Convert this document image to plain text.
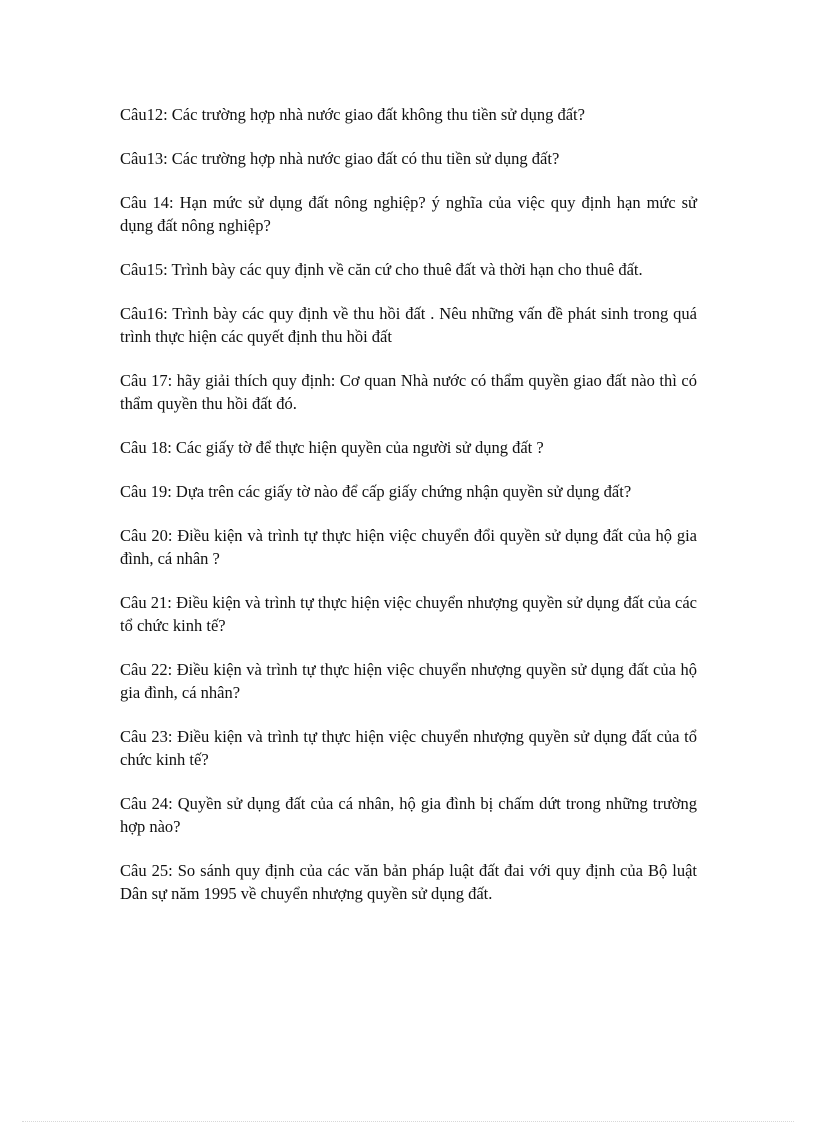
Câu12: Các trường hợp nhà nước giao đất không thu tiền sử dụng đất?

Câu13: Các trường hợp nhà nước giao đất có thu tiền sử dụng đất?

Câu 14: Hạn mức sử dụng đất nông nghiệp? ý nghĩa của việc quy định hạn mức sử dụng đất nông nghiệp?

Câu15: Trình bày các quy định về căn cứ cho thuê đất và thời hạn cho thuê đất.

Câu16: Trình bày các quy định về thu hồi đất . Nêu những vấn đề phát sinh trong quá trình thực hiện các quyết định thu hồi đất

Câu 17: hãy giải thích quy định: Cơ quan Nhà nước có thẩm quyền giao đất nào thì có thẩm quyền thu hồi đất đó.

Câu 18: Các giấy tờ để thực hiện quyền của người sử dụng đất ?

Câu 19: Dựa trên các giấy tờ nào để cấp giấy chứng nhận quyền sử dụng đất?

Câu 20: Điều kiện và trình tự thực hiện việc chuyển đổi quyền sử dụng đất của hộ gia đình, cá nhân ?

Câu 21: Điều kiện và trình tự thực hiện việc chuyển nhượng quyền sử dụng đất của các tổ chức kinh tế?

Câu 22: Điều kiện và trình tự thực hiện việc chuyển nhượng quyền sử dụng đất của hộ gia đình, cá nhân?

Câu 23: Điều kiện và trình tự thực hiện việc chuyển nhượng quyền sử dụng đất của tổ chức kinh tế?

Câu 24: Quyền sử dụng đất của cá nhân, hộ gia đình bị chấm dứt trong những trường hợp nào?

Câu 25: So sánh quy định của các văn bản pháp luật đất đai với quy định của Bộ luật Dân sự năm 1995 về chuyển nhượng quyền sử dụng đất.
